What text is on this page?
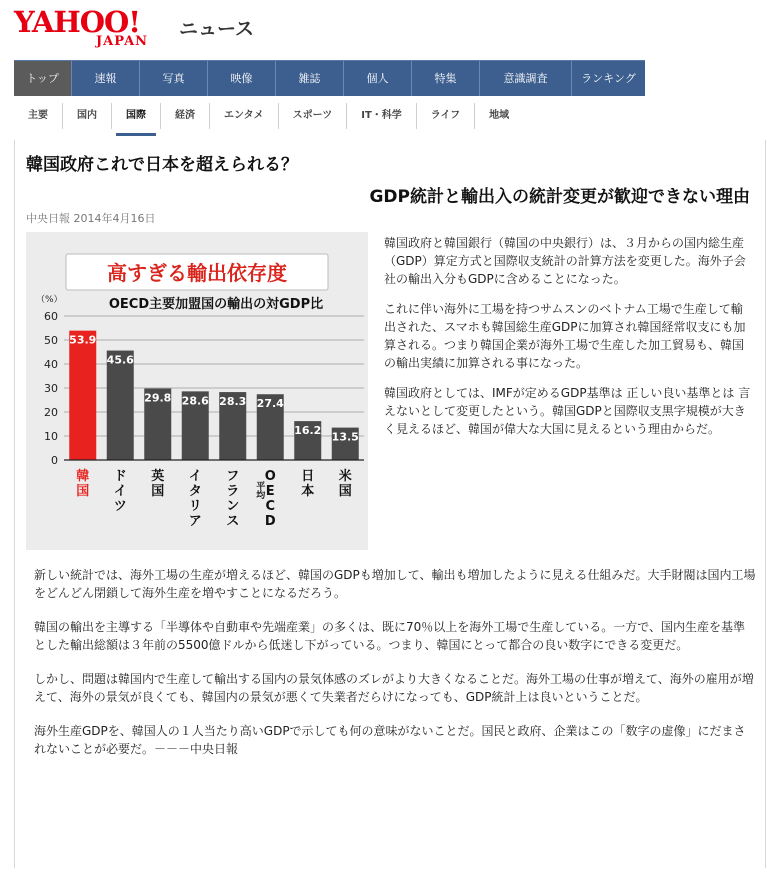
YAHOO!
JAPAN
ニュース
トップ	速報	写真	映像	雑誌	個人	特集	意識調査	ランキング
主要	国内	国際	経済	エンタメ	スポーツ	IT・科学	ライフ	地域
韓国政府これで日本を超えられる？
GDP統計と輸出入の統計変更が歓迎できない理由
中央日報 2014年4月16日
高すぎる輸出依存度
OECD主要加盟国の輸出の対GDP比
（%）
0
10
20
30
40
50
60
53.9
韓
国
45.6
ド
イ
ツ
29.8
英
国
28.6
イ
タ
リ
ア
28.3
フ
ラ
ン
ス
27.4
O
E
C
D
平均
16.2
日
本
13.5
米
国

韓国政府と韓国銀行（韓国の中央銀行）は、３月からの国内総生産（GDP）算定方式と国際収支統計の計算方法を変更した。海外子会社の輸出入分もGDPに含めることになった。

これに伴い海外に工場を持つサムスンのベトナム工場で生産して輸出された、スマホも韓国総生産GDPに加算され韓国経常収支にも加算される。つまり韓国企業が海外工場で生産した加工貿易も、韓国の輸出実績に加算される事になった。

韓国政府としては、IMFが定めるGDP基準は 正しい良い基準とは 言えないとして変更したという。韓国GDPと国際収支黒字規模が大きく見えるほど、韓国が偉大な大国に見えるという理由からだ。

新しい統計では、海外工場の生産が増えるほど、韓国のGDPも増加して、輸出も増加したように見える仕組みだ。大手財閥は国内工場をどんどん閉鎖して海外生産を増やすことになるだろう。

韓国の輸出を主導する「半導体や自動車や先端産業」の多くは、既に70％以上を海外工場で生産している。一方で、国内生産を基準とした輸出総額は３年前の5500億ドルから低迷し下がっている。つまり、韓国にとって都合の良い数字にできる変更だ。

しかし、問題は韓国内で生産して輸出する国内の景気体感のズレがより大きくなることだ。海外工場の仕事が増えて、海外の雇用が増えて、海外の景気が良くても、韓国内の景気が悪くて失業者だらけになっても、GDP統計上は良いということだ。

海外生産GDPを、韓国人の１人当たり高いGDPで示しても何の意味がないことだ。国民と政府、企業はこの「数字の虚像」にだまされないことが必要だ。－－－中央日報
